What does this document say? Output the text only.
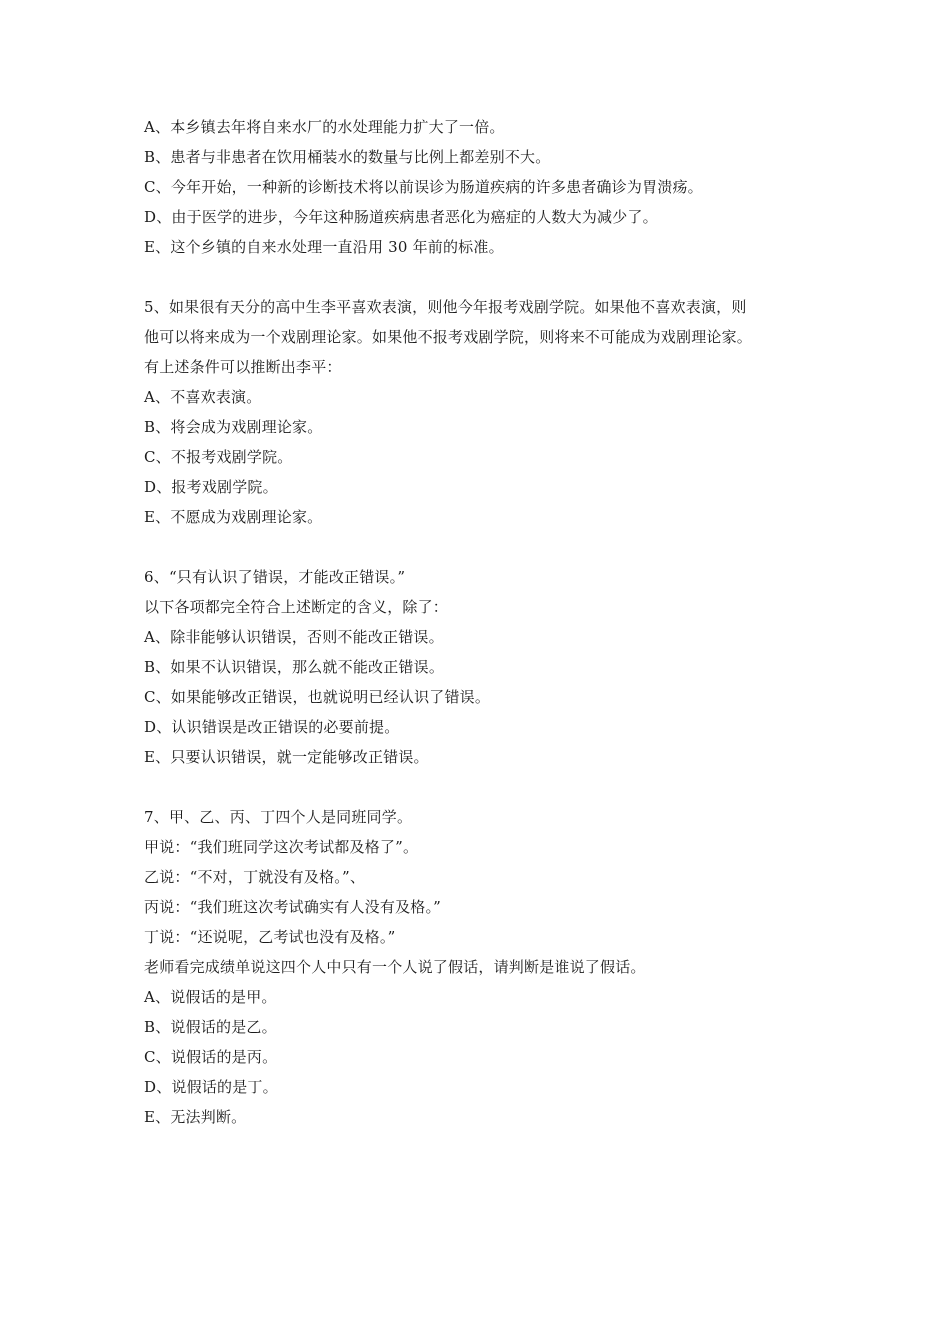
A、本乡镇去年将自来水厂的水处理能力扩大了一倍。
B、患者与非患者在饮用桶装水的数量与比例上都差别不大。
C、今年开始，一种新的诊断技术将以前误诊为肠道疾病的许多患者确诊为胃溃疡。
D、由于医学的进步，今年这种肠道疾病患者恶化为癌症的人数大为减少了。
E、这个乡镇的自来水处理一直沿用 30 年前的标准。
5、如果很有天分的高中生李平喜欢表演，则他今年报考戏剧学院。如果他不喜欢表演，则
他可以将来成为一个戏剧理论家。如果他不报考戏剧学院，则将来不可能成为戏剧理论家。
有上述条件可以推断出李平：
A、不喜欢表演。
B、将会成为戏剧理论家。
C、不报考戏剧学院。
D、报考戏剧学院。
E、不愿成为戏剧理论家。
6、“只有认识了错误，才能改正错误。”
以下各项都完全符合上述断定的含义，除了：
A、除非能够认识错误，否则不能改正错误。
B、如果不认识错误，那么就不能改正错误。
C、如果能够改正错误，也就说明已经认识了错误。
D、认识错误是改正错误的必要前提。
E、只要认识错误，就一定能够改正错误。
7、甲、乙、丙、丁四个人是同班同学。
甲说：“我们班同学这次考试都及格了”。
乙说：“不对，丁就没有及格。”、
丙说：“我们班这次考试确实有人没有及格。”
丁说：“还说呢，乙考试也没有及格。”
老师看完成绩单说这四个人中只有一个人说了假话，请判断是谁说了假话。
A、说假话的是甲。
B、说假话的是乙。
C、说假话的是丙。
D、说假话的是丁。
E、无法判断。
